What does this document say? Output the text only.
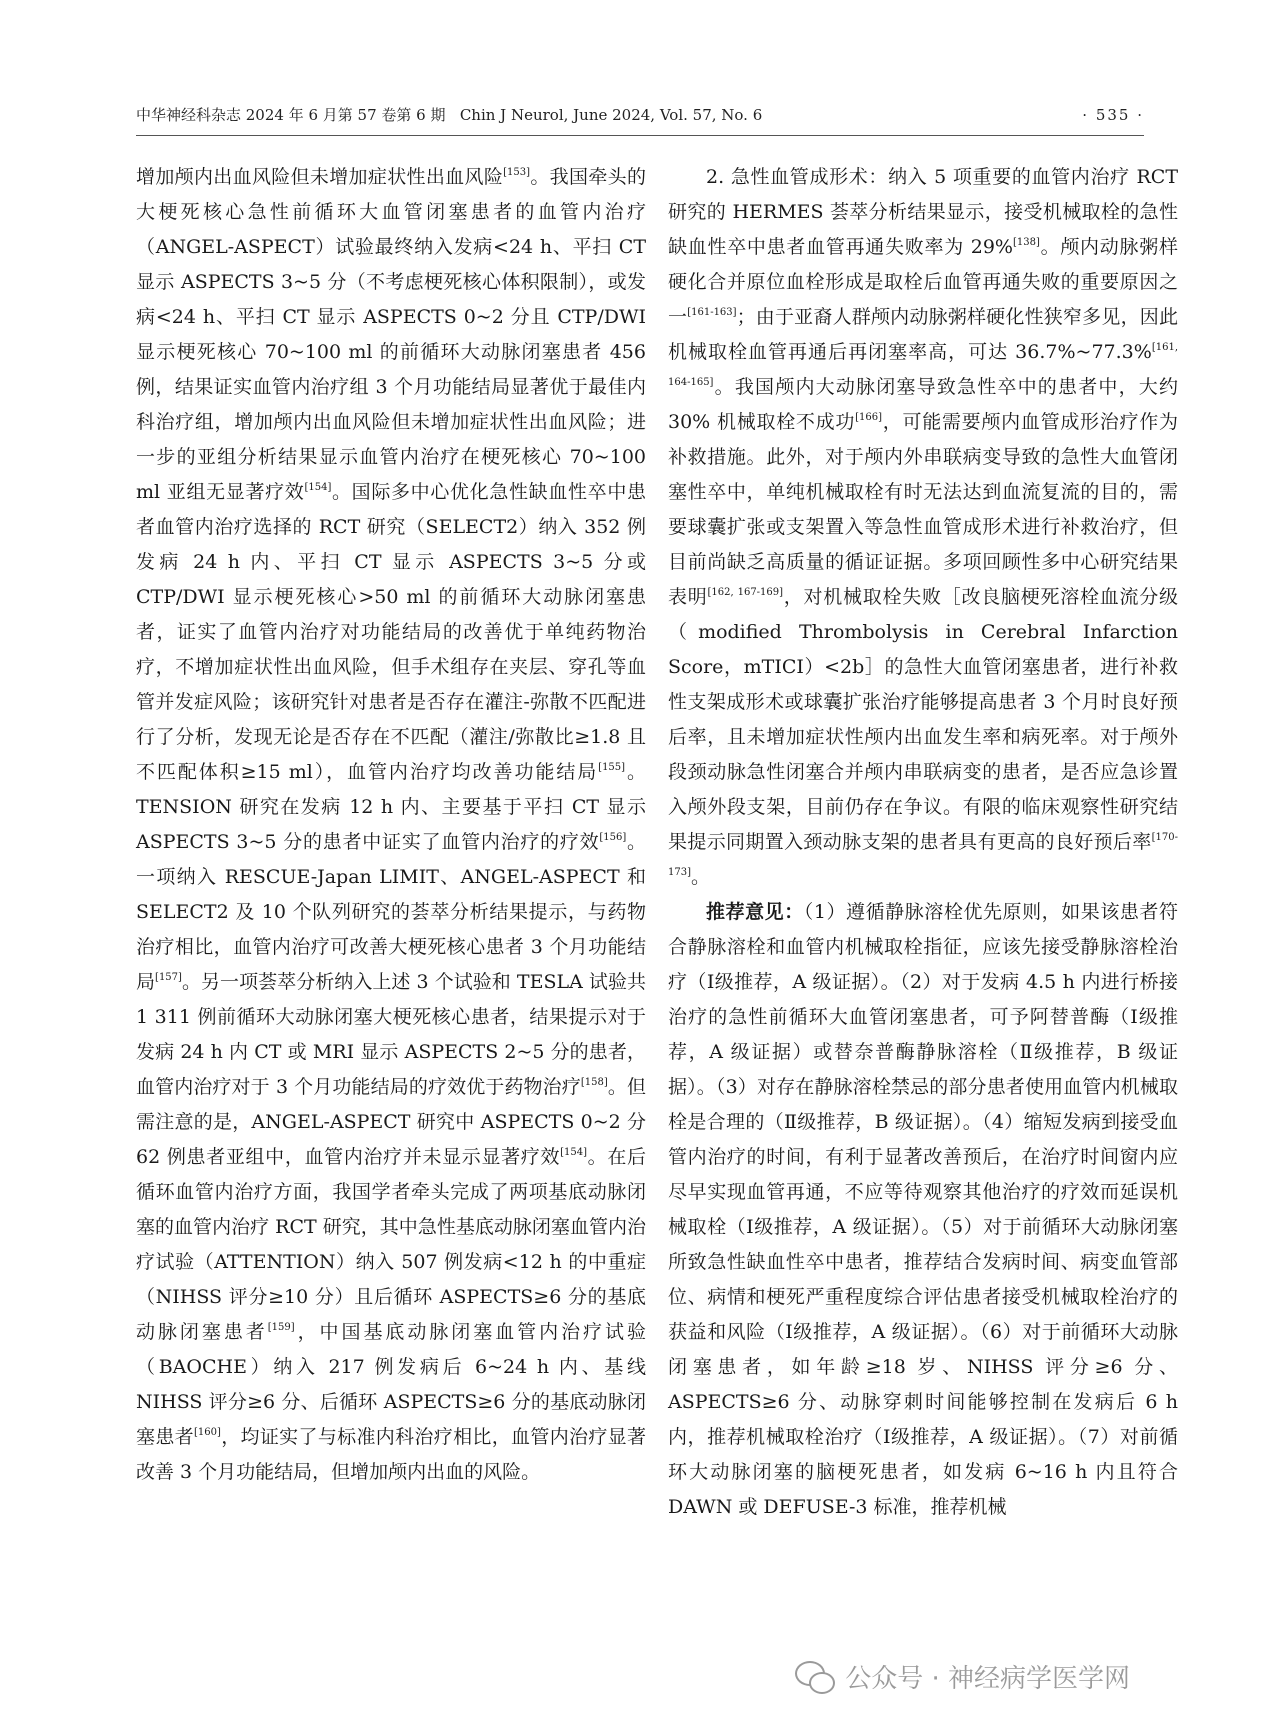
中华神经科杂志 2024 年 6 月第 57 卷第 6 期 Chin J Neurol, June 2024, Vol. 57, No. 6	· 535 ·

增加颅内出血风险但未增加症状性出血风险[153]。我国牵头的大梗死核心急性前循环大血管闭塞患者的血管内治疗（ANGEL-ASPECT）试验最终纳入发病<24 h、平扫 CT 显示 ASPECTS 3~5 分（不考虑梗死核心体积限制），或发病<24 h、平扫 CT 显示 ASPECTS 0~2 分且 CTP/DWI 显示梗死核心 70~100 ml 的前循环大动脉闭塞患者 456 例，结果证实血管内治疗组 3 个月功能结局显著优于最佳内科治疗组，增加颅内出血风险但未增加症状性出血风险；进一步的亚组分析结果显示血管内治疗在梗死核心 70~100 ml 亚组无显著疗效[154]。国际多中心优化急性缺血性卒中患者血管内治疗选择的 RCT 研究（SELECT2）纳入 352 例发病 24 h 内、平扫 CT 显示 ASPECTS 3~5 分或 CTP/DWI 显示梗死核心>50 ml 的前循环大动脉闭塞患者，证实了血管内治疗对功能结局的改善优于单纯药物治疗，不增加症状性出血风险，但手术组存在夹层、穿孔等血管并发症风险；该研究针对患者是否存在灌注-弥散不匹配进行了分析，发现无论是否存在不匹配（灌注/弥散比≥1.8 且不匹配体积≥15 ml），血管内治疗均改善功能结局[155]。TENSION 研究在发病 12 h 内、主要基于平扫 CT 显示 ASPECTS 3~5 分的患者中证实了血管内治疗的疗效[156]。一项纳入 RESCUE-Japan LIMIT、ANGEL-ASPECT 和 SELECT2 及 10 个队列研究的荟萃分析结果提示，与药物治疗相比，血管内治疗可改善大梗死核心患者 3 个月功能结局[157]。另一项荟萃分析纳入上述 3 个试验和 TESLA 试验共 1 311 例前循环大动脉闭塞大梗死核心患者，结果提示对于发病 24 h 内 CT 或 MRI 显示 ASPECTS 2~5 分的患者，血管内治疗对于 3 个月功能结局的疗效优于药物治疗[158]。但需注意的是，ANGEL-ASPECT 研究中 ASPECTS 0~2 分 62 例患者亚组中，血管内治疗并未显示显著疗效[154]。在后循环血管内治疗方面，我国学者牵头完成了两项基底动脉闭塞的血管内治疗 RCT 研究，其中急性基底动脉闭塞血管内治疗试验（ATTENTION）纳入 507 例发病<12 h 的中重症（NIHSS 评分≥10 分）且后循环 ASPECTS≥6 分的基底动脉闭塞患者[159]，中国基底动脉闭塞血管内治疗试验（BAOCHE）纳入 217 例发病后 6~24 h 内、基线 NIHSS 评分≥6 分、后循环 ASPECTS≥6 分的基底动脉闭塞患者[160]，均证实了与标准内科治疗相比，血管内治疗显著改善 3 个月功能结局，但增加颅内出血的风险。

2. 急性血管成形术：纳入 5 项重要的血管内治疗 RCT 研究的 HERMES 荟萃分析结果显示，接受机械取栓的急性缺血性卒中患者血管再通失败率为 29%[138]。颅内动脉粥样硬化合并原位血栓形成是取栓后血管再通失败的重要原因之一[161-163]；由于亚裔人群颅内动脉粥样硬化性狭窄多见，因此机械取栓血管再通后再闭塞率高，可达 36.7%~77.3%[161, 164-165]。我国颅内大动脉闭塞导致急性卒中的患者中，大约 30% 机械取栓不成功[166]，可能需要颅内血管成形治疗作为补救措施。此外，对于颅内外串联病变导致的急性大血管闭塞性卒中，单纯机械取栓有时无法达到血流复流的目的，需要球囊扩张或支架置入等急性血管成形术进行补救治疗，但目前尚缺乏高质量的循证证据。多项回顾性多中心研究结果表明[162, 167-169]，对机械取栓失败［改良脑梗死溶栓血流分级（modified Thrombolysis in Cerebral Infarction Score，mTICI）<2b］的急性大血管闭塞患者，进行补救性支架成形术或球囊扩张治疗能够提高患者 3 个月时良好预后率，且未增加症状性颅内出血发生率和病死率。对于颅外段颈动脉急性闭塞合并颅内串联病变的患者，是否应急诊置入颅外段支架，目前仍存在争议。有限的临床观察性研究结果提示同期置入颈动脉支架的患者具有更高的良好预后率[170-173]。

推荐意见：（1）遵循静脉溶栓优先原则，如果该患者符合静脉溶栓和血管内机械取栓指征，应该先接受静脉溶栓治疗（Ⅰ级推荐，A 级证据）。（2）对于发病 4.5 h 内进行桥接治疗的急性前循环大血管闭塞患者，可予阿替普酶（Ⅰ级推荐，A 级证据）或替奈普酶静脉溶栓（Ⅱ级推荐，B 级证据）。（3）对存在静脉溶栓禁忌的部分患者使用血管内机械取栓是合理的（Ⅱ级推荐，B 级证据）。（4）缩短发病到接受血管内治疗的时间，有利于显著改善预后，在治疗时间窗内应尽早实现血管再通，不应等待观察其他治疗的疗效而延误机械取栓（Ⅰ级推荐，A 级证据）。（5）对于前循环大动脉闭塞所致急性缺血性卒中患者，推荐结合发病时间、病变血管部位、病情和梗死严重程度综合评估患者接受机械取栓治疗的获益和风险（Ⅰ级推荐，A 级证据）。（6）对于前循环大动脉闭塞患者，如年龄≥18 岁、NIHSS 评分≥6 分、ASPECTS≥6 分、动脉穿刺时间能够控制在发病后 6 h 内，推荐机械取栓治疗（Ⅰ级推荐，A 级证据）。（7）对前循环大动脉闭塞的脑梗死患者，如发病 6~16 h 内且符合 DAWN 或 DEFUSE-3 标准，推荐机械

公众号 · 神经病学医学网
